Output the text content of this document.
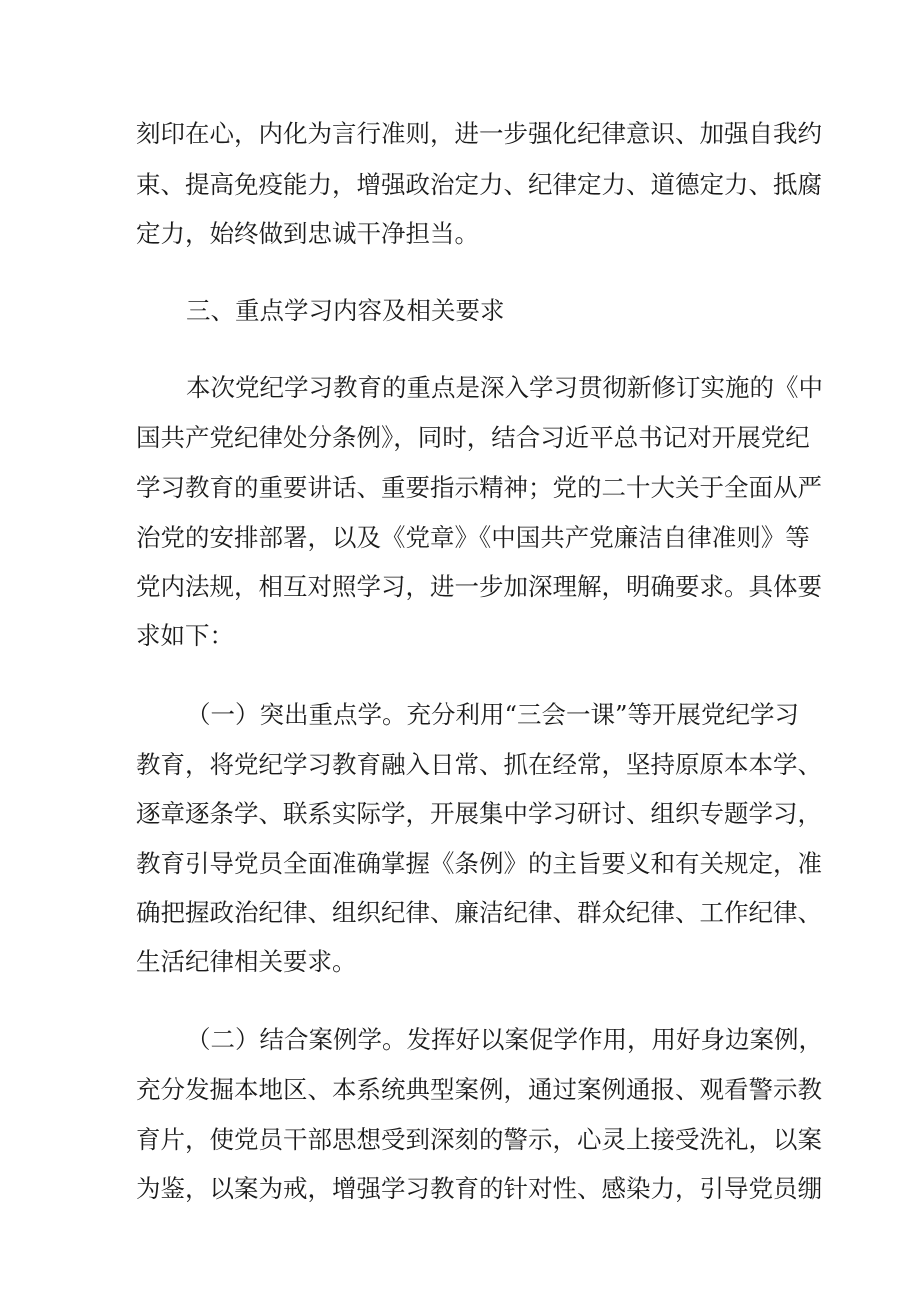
刻印在心，内化为言行准则，进一步强化纪律意识、加强自我约
束、提高免疫能力，增强政治定力、纪律定力、道德定力、抵腐
定力，始终做到忠诚干净担当。
三、重点学习内容及相关要求
本次党纪学习教育的重点是深入学习贯彻新修订实施的《中
国共产党纪律处分条例》，同时，结合习近平总书记对开展党纪
学习教育的重要讲话、重要指示精神；党的二十大关于全面从严
治党的安排部署，以及《党章》《中国共产党廉洁自律准则》等
党内法规，相互对照学习，进一步加深理解，明确要求。具体要
求如下：
（一）突出重点学。充分利用“三会一课”等开展党纪学习
教育，将党纪学习教育融入日常、抓在经常，坚持原原本本学、
逐章逐条学、联系实际学，开展集中学习研讨、组织专题学习，
教育引导党员全面准确掌握《条例》的主旨要义和有关规定，准
确把握政治纪律、组织纪律、廉洁纪律、群众纪律、工作纪律、
生活纪律相关要求。
（二）结合案例学。发挥好以案促学作用，用好身边案例，
充分发掘本地区、本系统典型案例，通过案例通报、观看警示教
育片，使党员干部思想受到深刻的警示，心灵上接受洗礼，以案
为鉴，以案为戒，增强学习教育的针对性、感染力，引导党员绷
